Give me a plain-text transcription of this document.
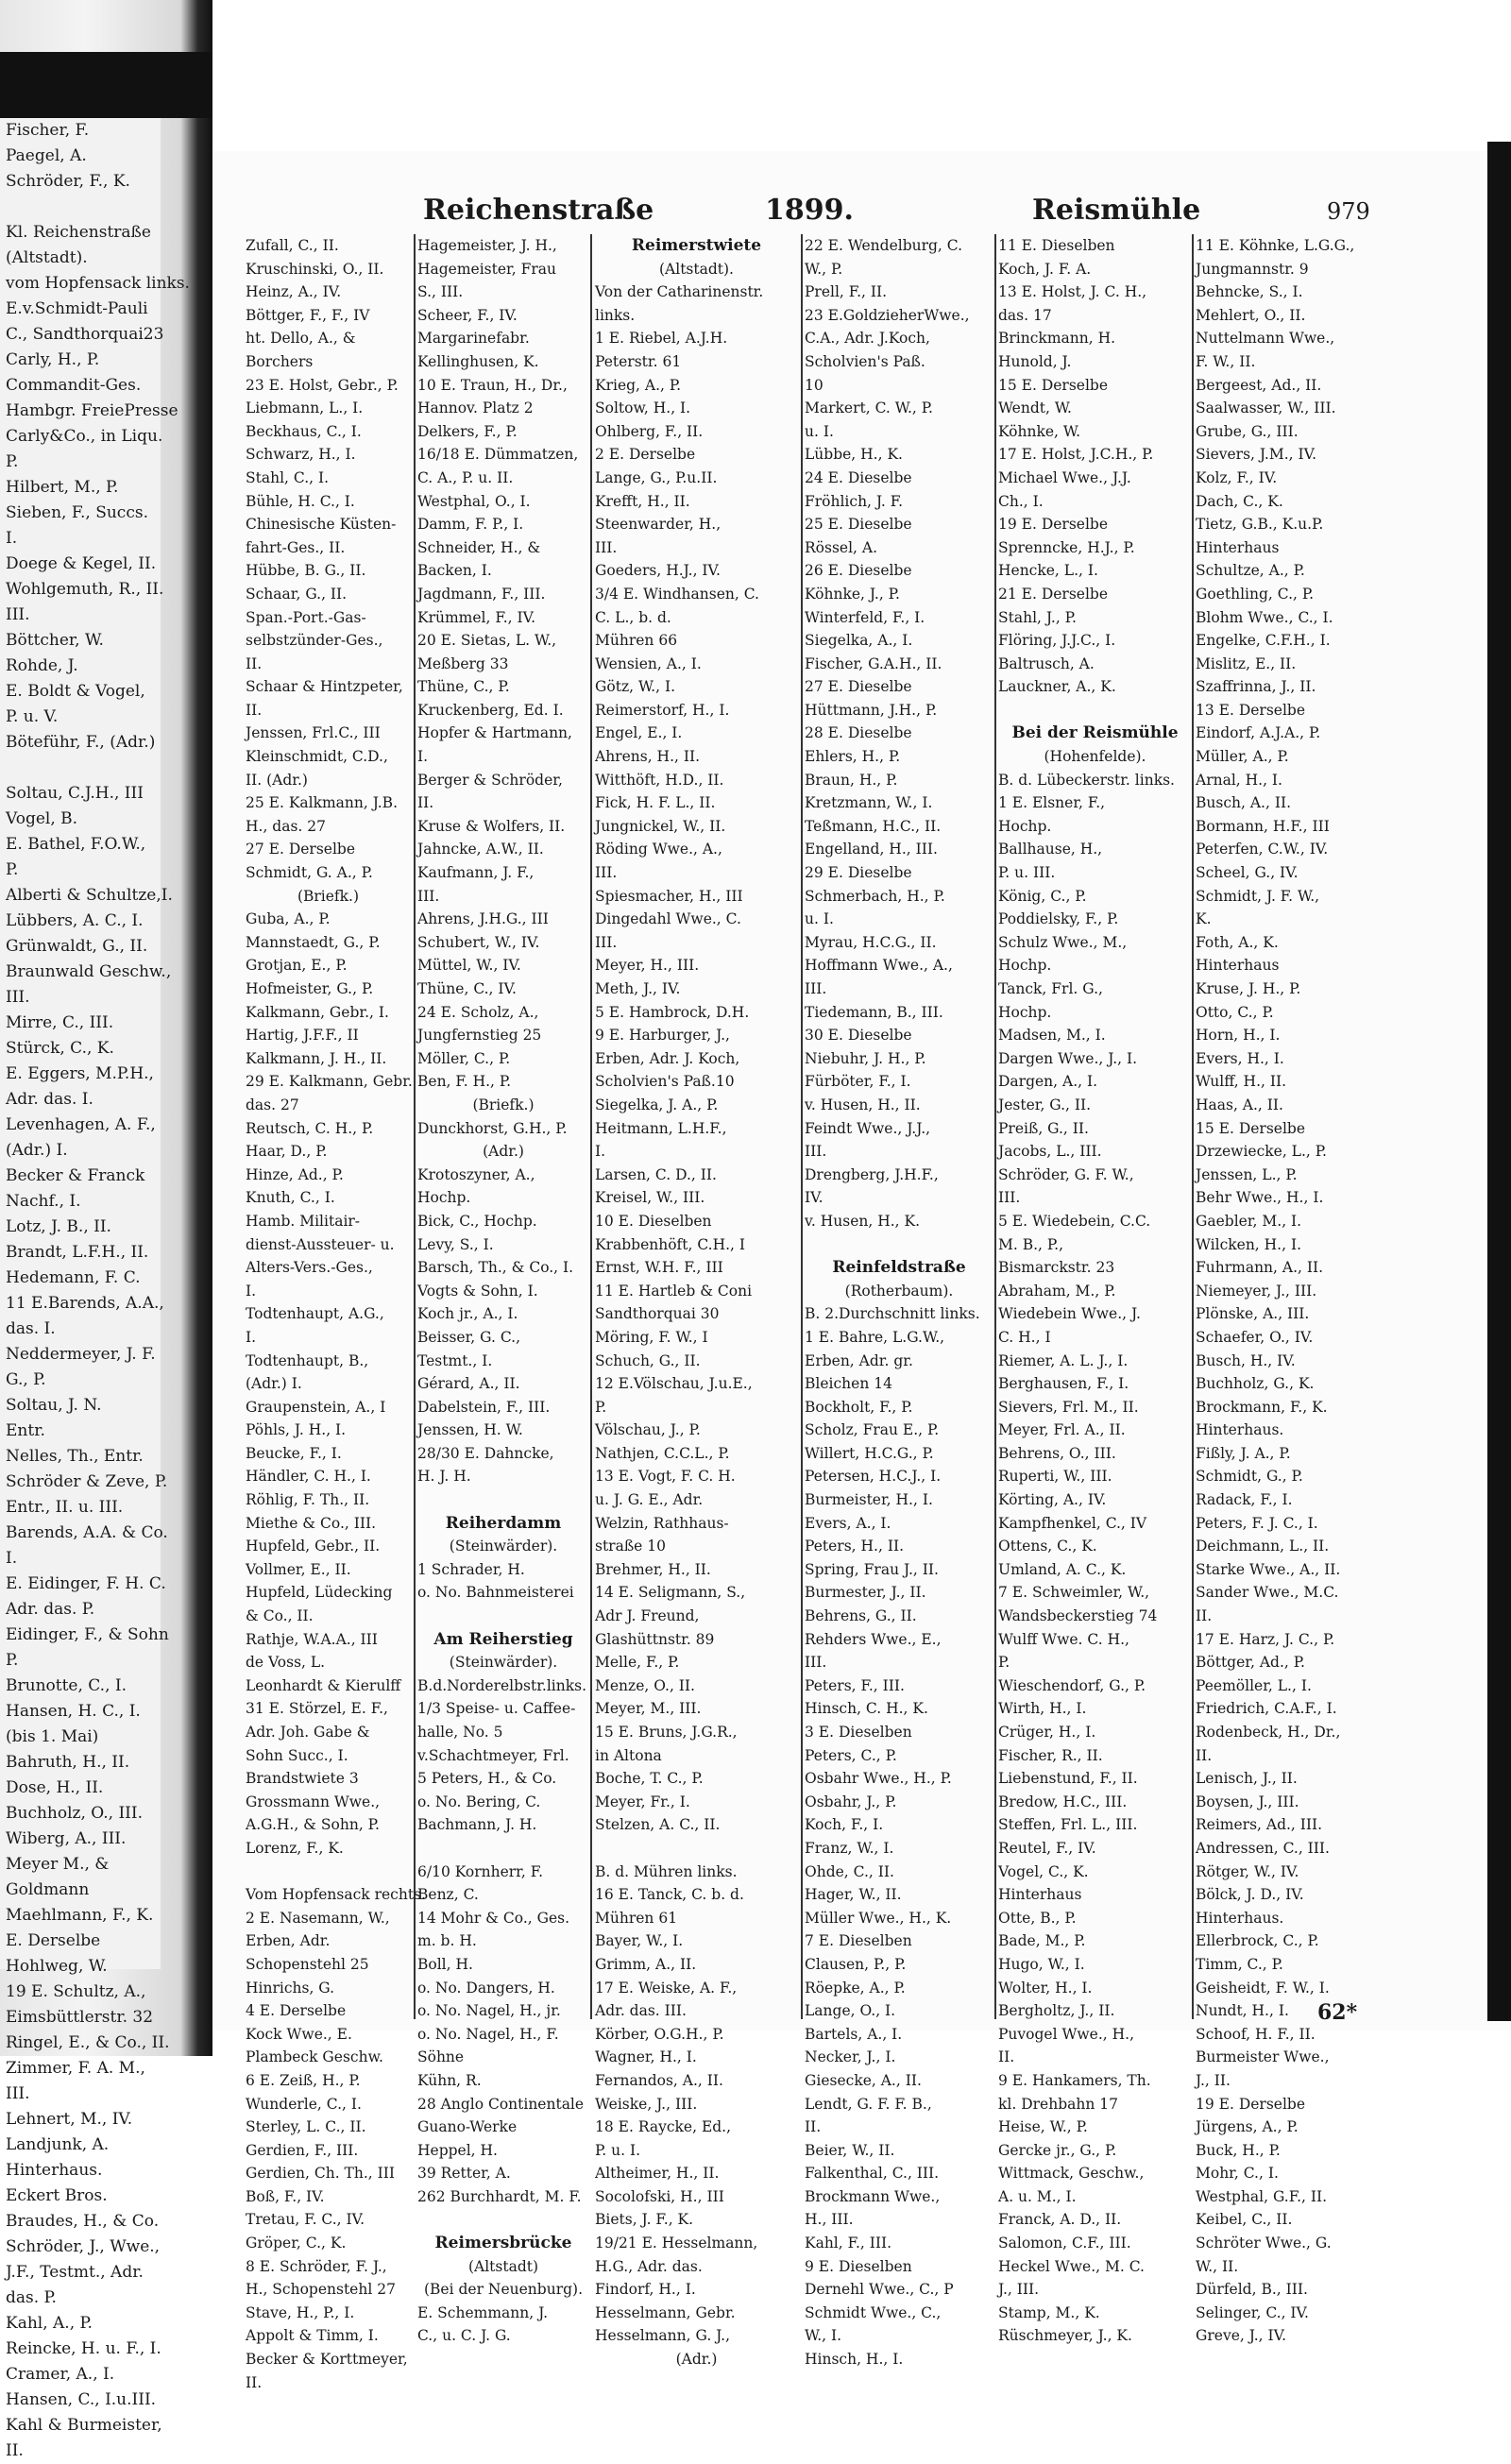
Fischer, F.
Paegel, A.
Schröder, F., K.

Kl. Reichenstraße
(Altstadt).
vom Hopfensack links.
E.v.Schmidt-Pauli
C., Sandthorquai23
Carly, H., P.
Commandit-Ges.
Hambgr. FreiePresse
Carly&Co., in Liqu.
P.
Hilbert, M., P.
Sieben, F., Succs.
I.
Doege & Kegel, II.
Wohlgemuth, R., II.
III.
Böttcher, W.
Rohde, J.
E. Boldt & Vogel,
P. u. V.
Böteführ, F., (Adr.)

Soltau, C.J.H., III
Vogel, B.
E. Bathel, F.O.W.,
P.
Alberti & Schultze,I.
Lübbers, A. C., I.
Grünwaldt, G., II.
Braunwald Geschw.,
III.
Mirre, C., III.
Stürck, C., K.
E. Eggers, M.P.H.,
Adr. das. I.
Levenhagen, A. F.,
(Adr.) I.
Becker & Franck
Nachf., I.
Lotz, J. B., II.
Brandt, L.F.H., II.
Hedemann, F. C.
11 E.Barends, A.A.,
das. I.
Neddermeyer, J. F.
G., P.
Soltau, J. N.
Entr.
Nelles, Th., Entr.
Schröder & Zeve, P.
Entr., II. u. III.
Barends, A.A. & Co.
I.
E. Eidinger, F. H. C.
Adr. das. P.
Eidinger, F., & Sohn
P.
Brunotte, C., I.
Hansen, H. C., I.
(bis 1. Mai)
Bahruth, H., II.
Dose, H., II.
Buchholz, O., III.
Wiberg, A., III.
Meyer M., &
Goldmann
Maehlmann, F., K.
E. Derselbe
Hohlweg, W.
19 E. Schultz, A.,
Eimsbüttlerstr. 32
Ringel, E., & Co., II.
Zimmer, F. A. M.,
III.
Lehnert, M., IV.
Landjunk, A.
Hinterhaus.
Eckert Bros.
Braudes, H., & Co.
Schröder, J., Wwe.,
J.F., Testmt., Adr.
das. P.
Kahl, A., P.
Reincke, H. u. F., I.
Cramer, A., I.
Hansen, C., I.u.III.
Kahl & Burmeister,
II.
Reichenstraße	1899.	Reismühle	979
Zufall, C., II.
Kruschinski, O., II.
Heinz, A., IV.
Böttger, F., F., IV
ht. Dello, A., &
Borchers
23 E. Holst, Gebr., P.
Liebmann, L., I.
Beckhaus, C., I.
Schwarz, H., I.
Stahl, C., I.
Bühle, H. C., I.
Chinesische Küsten-
fahrt-Ges., II.
Hübbe, B. G., II.
Schaar, G., II.
Span.-Port.-Gas-
selbstzünder-Ges.,
II.
Schaar & Hintzpeter,
II.
Jenssen, Frl.C., III
Kleinschmidt, C.D.,
II. (Adr.)
25 E. Kalkmann, J.B.
H., das. 27
27 E. Derselbe
Schmidt, G. A., P.
(Briefk.)
Guba, A., P.
Mannstaedt, G., P.
Grotjan, E., P.
Hofmeister, G., P.
Kalkmann, Gebr., I.
Hartig, J.F.F., II
Kalkmann, J. H., II.
29 E. Kalkmann, Gebr.
das. 27
Reutsch, C. H., P.
Haar, D., P.
Hinze, Ad., P.
Knuth, C., I.
Hamb. Militair-
dienst-Aussteuer- u.
Alters-Vers.-Ges.,
I.
Todtenhaupt, A.G.,
I.
Todtenhaupt, B.,
(Adr.) I.
Graupenstein, A., I
Pöhls, J. H., I.
Beucke, F., I.
Händler, C. H., I.
Röhlig, F. Th., II.
Miethe & Co., III.
Hupfeld, Gebr., II.
Vollmer, E., II.
Hupfeld, Lüdecking
& Co., II.
Rathje, W.A.A., III
de Voss, L.
Leonhardt & Kierulff
31 E. Störzel, E. F.,
Adr. Joh. Gabe &
Sohn Succ., I.
Brandstwiete 3
Grossmann Wwe.,
A.G.H., & Sohn, P.
Lorenz, F., K.

Vom Hopfensack rechts.
2 E. Nasemann, W.,
Erben, Adr.
Schopenstehl 25
Hinrichs, G.
4 E. Derselbe
Kock Wwe., E.
Plambeck Geschw.
6 E. Zeiß, H., P.
Wunderle, C., I.
Sterley, L. C., II.
Gerdien, F., III.
Gerdien, Ch. Th., III
Boß, F., IV.
Tretau, F. C., IV.
Gröper, C., K.
8 E. Schröder, F. J.,
H., Schopenstehl 27
Stave, H., P., I.
Appolt & Timm, I.
Becker & Korttmeyer,
II.
Hagemeister, J. H.,
Hagemeister, Frau
S., III.
Scheer, F., IV.
Margarinefabr.
Kellinghusen, K.
10 E. Traun, H., Dr.,
Hannov. Platz 2
Delkers, F., P.
16/18 E. Dümmatzen,
C. A., P. u. II.
Westphal, O., I.
Damm, F. P., I.
Schneider, H., &
Backen, I.
Jagdmann, F., III.
Krümmel, F., IV.
20 E. Sietas, L. W.,
Meßberg 33
Thüne, C., P.
Kruckenberg, Ed. I.
Hopfer & Hartmann,
I.
Berger & Schröder,
II.
Kruse & Wolfers, II.
Jahncke, A.W., II.
Kaufmann, J. F.,
III.
Ahrens, J.H.G., III
Schubert, W., IV.
Müttel, W., IV.
Thüne, C., IV.
24 E. Scholz, A.,
Jungfernstieg 25
Möller, C., P.
Ben, F. H., P.
(Briefk.)
Dunckhorst, G.H., P.
(Adr.)
Krotoszyner, A.,
Hochp.
Bick, C., Hochp.
Levy, S., I.
Barsch, Th., & Co., I.
Vogts & Sohn, I.
Koch jr., A., I.
Beisser, G. C.,
Testmt., I.
Gérard, A., II.
Dabelstein, F., III.
Jenssen, H. W.
28/30 E. Dahncke,
H. J. H.

Reiherdamm
(Steinwärder).
1 Schrader, H.
o. No. Bahnmeisterei

Am Reiherstieg
(Steinwärder).
B.d.Norderelbstr.links.
1/3 Speise- u. Caffee-
halle, No. 5
v.Schachtmeyer, Frl.
5 Peters, H., & Co.
o. No. Bering, C.
Bachmann, J. H.

6/10 Kornherr, F.
Benz, C.
14 Mohr & Co., Ges.
m. b. H.
Boll, H.
o. No. Dangers, H.
o. No. Nagel, H., jr.
o. No. Nagel, H., F.
Söhne
Kühn, R.
28 Anglo Continentale
Guano-Werke
Heppel, H.
39 Retter, A.
262 Burchhardt, M. F.

Reimersbrücke
(Altstadt)
(Bei der Neuenburg).
E. Schemmann, J.
C., u. C. J. G.
Reimerstwiete
(Altstadt).
Von der Catharinenstr.
links.
1 E. Riebel, A.J.H.
Peterstr. 61
Krieg, A., P.
Soltow, H., I.
Ohlberg, F., II.
2 E. Derselbe
Lange, G., P.u.II.
Krefft, H., II.
Steenwarder, H.,
III.
Goeders, H.J., IV.
3/4 E. Windhansen, C.
C. L., b. d.
Mühren 66
Wensien, A., I.
Götz, W., I.
Reimerstorf, H., I.
Engel, E., I.
Ahrens, H., II.
Witthöft, H.D., II.
Fick, H. F. L., II.
Jungnickel, W., II.
Röding Wwe., A.,
III.
Spiesmacher, H., III
Dingedahl Wwe., C.
III.
Meyer, H., III.
Meth, J., IV.
5 E. Hambrock, D.H.
9 E. Harburger, J.,
Erben, Adr. J. Koch,
Scholvien's Paß.10
Siegelka, J. A., P.
Heitmann, L.H.F.,
I.
Larsen, C. D., II.
Kreisel, W., III.
10 E. Dieselben
Krabbenhöft, C.H., I
Ernst, W.H. F., III
11 E. Hartleb & Coni
Sandthorquai 30
Möring, F. W., I
Schuch, G., II.
12 E.Völschau, J.u.E.,
P.
Völschau, J., P.
Nathjen, C.C.L., P.
13 E. Vogt, F. C. H.
u. J. G. E., Adr.
Welzin, Rathhaus-
straße 10
Brehmer, H., II.
14 E. Seligmann, S.,
Adr J. Freund,
Glashüttnstr. 89
Melle, F., P.
Menze, O., II.
Meyer, M., III.
15 E. Bruns, J.G.R.,
in Altona
Boche, T. C., P.
Meyer, Fr., I.
Stelzen, A. C., II.

B. d. Mühren links.
16 E. Tanck, C. b. d.
Mühren 61
Bayer, W., I.
Grimm, A., II.
17 E. Weiske, A. F.,
Adr. das. III.
Körber, O.G.H., P.
Wagner, H., I.
Fernandos, A., II.
Weiske, J., III.
18 E. Raycke, Ed.,
P. u. I.
Altheimer, H., II.
Socolofski, H., III
Biets, J. F., K.
19/21 E. Hesselmann,
H.G., Adr. das.
Findorf, H., I.
Hesselmann, Gebr.
Hesselmann, G. J.,
(Adr.)
22 E. Wendelburg, C.
W., P.
Prell, F., II.
23 E.GoldzieherWwe.,
C.A., Adr. J.Koch,
Scholvien's Paß.
10
Markert, C. W., P.
u. I.
Lübbe, H., K.
24 E. Dieselbe
Fröhlich, J. F.
25 E. Dieselbe
Rössel, A.
26 E. Dieselbe
Köhnke, J., P.
Winterfeld, F., I.
Siegelka, A., I.
Fischer, G.A.H., II.
27 E. Dieselbe
Hüttmann, J.H., P.
28 E. Dieselbe
Ehlers, H., P.
Braun, H., P.
Kretzmann, W., I.
Teßmann, H.C., II.
Engelland, H., III.
29 E. Dieselbe
Schmerbach, H., P.
u. I.
Myrau, H.C.G., II.
Hoffmann Wwe., A.,
III.
Tiedemann, B., III.
30 E. Dieselbe
Niebuhr, J. H., P.
Fürböter, F., I.
v. Husen, H., II.
Feindt Wwe., J.J.,
III.
Drengberg, J.H.F.,
IV.
v. Husen, H., K.

Reinfeldstraße
(Rotherbaum).
B. 2.Durchschnitt links.
1 E. Bahre, L.G.W.,
Erben, Adr. gr.
Bleichen 14
Bockholt, F., P.
Scholz, Frau E., P.
Willert, H.C.G., P.
Petersen, H.C.J., I.
Burmeister, H., I.
Evers, A., I.
Peters, H., II.
Spring, Frau J., II.
Burmester, J., II.
Behrens, G., II.
Rehders Wwe., E.,
III.
Peters, F., III.
Hinsch, C. H., K.
3 E. Dieselben
Peters, C., P.
Osbahr Wwe., H., P.
Osbahr, J., P.
Koch, F., I.
Franz, W., I.
Ohde, C., II.
Hager, W., II.
Müller Wwe., H., K.
7 E. Dieselben
Clausen, P., P.
Röepke, A., P.
Lange, O., I.
Bartels, A., I.
Necker, J., I.
Giesecke, A., II.
Lendt, G. F. F. B.,
II.
Beier, W., II.
Falkenthal, C., III.
Brockmann Wwe.,
H., III.
Kahl, F., III.
9 E. Dieselben
Dernehl Wwe., C., P
Schmidt Wwe., C.,
W., I.
Hinsch, H., I.
11 E. Dieselben
Koch, J. F. A.
13 E. Holst, J. C. H.,
das. 17
Brinckmann, H.
Hunold, J.
15 E. Derselbe
Wendt, W.
Köhnke, W.
17 E. Holst, J.C.H., P.
Michael Wwe., J.J.
Ch., I.
19 E. Derselbe
Sprenncke, H.J., P.
Hencke, L., I.
21 E. Derselbe
Stahl, J., P.
Flöring, J.J.C., I.
Baltrusch, A.
Lauckner, A., K.

Bei der Reismühle
(Hohenfelde).
B. d. Lübeckerstr. links.
1 E. Elsner, F.,
Hochp.
Ballhause, H.,
P. u. III.
König, C., P.
Poddielsky, F., P.
Schulz Wwe., M.,
Hochp.
Tanck, Frl. G.,
Hochp.
Madsen, M., I.
Dargen Wwe., J., I.
Dargen, A., I.
Jester, G., II.
Preiß, G., II.
Jacobs, L., III.
Schröder, G. F. W.,
III.
5 E. Wiedebein, C.C.
M. B., P.,
Bismarckstr. 23
Abraham, M., P.
Wiedebein Wwe., J.
C. H., I
Riemer, A. L. J., I.
Berghausen, F., I.
Sievers, Frl. M., II.
Meyer, Frl. A., II.
Behrens, O., III.
Ruperti, W., III.
Körting, A., IV.
Kampfhenkel, C., IV
Ottens, C., K.
Umland, A. C., K.
7 E. Schweimler, W.,
Wandsbeckerstieg 74
Wulff Wwe. C. H.,
P.
Wieschendorf, G., P.
Wirth, H., I.
Crüger, H., I.
Fischer, R., II.
Liebenstund, F., II.
Bredow, H.C., III.
Steffen, Frl. L., III.
Reutel, F., IV.
Vogel, C., K.
Hinterhaus
Otte, B., P.
Bade, M., P.
Hugo, W., I.
Wolter, H., I.
Bergholtz, J., II.
Puvogel Wwe., H.,
II.
9 E. Hankamers, Th.
kl. Drehbahn 17
Heise, W., P.
Gercke jr., G., P.
Wittmack, Geschw.,
A. u. M., I.
Franck, A. D., II.
Salomon, C.F., III.
Heckel Wwe., M. C.
J., III.
Stamp, M., K.
Rüschmeyer, J., K.
11 E. Köhnke, L.G.G.,
Jungmannstr. 9
Behncke, S., I.
Mehlert, O., II.
Nuttelmann Wwe.,
F. W., II.
Bergeest, Ad., II.
Saalwasser, W., III.
Grube, G., III.
Sievers, J.M., IV.
Kolz, F., IV.
Dach, C., K.
Tietz, G.B., K.u.P.
Hinterhaus
Schultze, A., P.
Goethling, C., P.
Blohm Wwe., C., I.
Engelke, C.F.H., I.
Mislitz, E., II.
Szaffrinna, J., II.
13 E. Derselbe
Eindorf, A.J.A., P.
Müller, A., P.
Arnal, H., I.
Busch, A., II.
Bormann, H.F., III
Peterfen, C.W., IV.
Scheel, G., IV.
Schmidt, J. F. W.,
K.
Foth, A., K.
Hinterhaus
Kruse, J. H., P.
Otto, C., P.
Horn, H., I.
Evers, H., I.
Wulff, H., II.
Haas, A., II.
15 E. Derselbe
Drzewiecke, L., P.
Jenssen, L., P.
Behr Wwe., H., I.
Gaebler, M., I.
Wilcken, H., I.
Fuhrmann, A., II.
Niemeyer, J., III.
Plönske, A., III.
Schaefer, O., IV.
Busch, H., IV.
Buchholz, G., K.
Brockmann, F., K.
Hinterhaus.
Fißly, J. A., P.
Schmidt, G., P.
Radack, F., I.
Peters, F. J. C., I.
Deichmann, L., II.
Starke Wwe., A., II.
Sander Wwe., M.C.
II.
17 E. Harz, J. C., P.
Böttger, Ad., P.
Peemöller, L., I.
Friedrich, C.A.F., I.
Rodenbeck, H., Dr.,
II.
Lenisch, J., II.
Boysen, J., III.
Reimers, Ad., III.
Andressen, C., III.
Rötger, W., IV.
Bölck, J. D., IV.
Hinterhaus.
Ellerbrock, C., P.
Timm, C., P.
Geisheidt, F. W., I.
Nundt, H., I.
Schoof, H. F., II.
Burmeister Wwe.,
J., II.
19 E. Derselbe
Jürgens, A., P.
Buck, H., P.
Mohr, C., I.
Westphal, G.F., II.
Keibel, C., II.
Schröter Wwe., G.
W., II.
Dürfeld, B., III.
Selinger, C., IV.
Greve, J., IV.
62*
